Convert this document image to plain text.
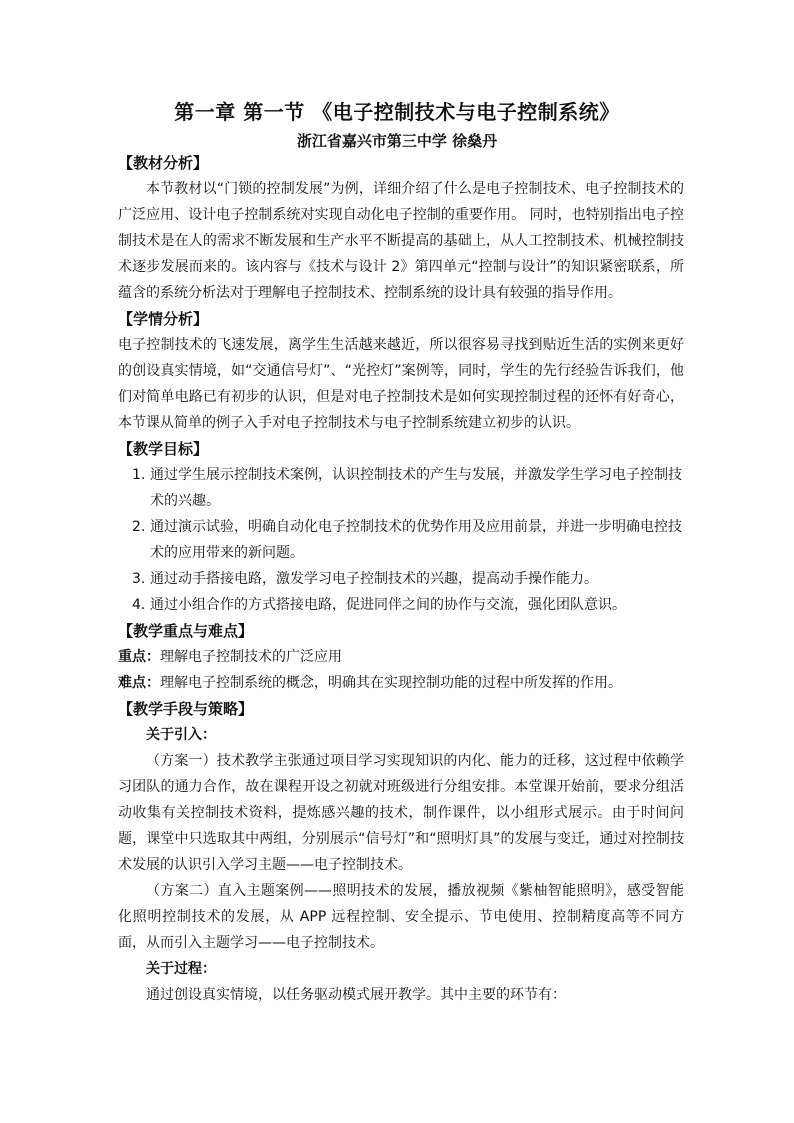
第一章 第一节 《电子控制技术与电子控制系统》
浙江省嘉兴市第三中学 徐燊丹
【教材分析】

本节教材以“门锁的控制发展”为例，详细介绍了什么是电子控制技术、电子控制技术的广泛应用、设计电子控制系统对实现自动化电子控制的重要作用。 同时，也特别指出电子控制技术是在人的需求不断发展和生产水平不断提高的基础上，从人工控制技术、机械控制技术逐步发展而来的。该内容与《技术与设计 2》第四单元“控制与设计”的知识紧密联系，所蕴含的系统分析法对于理解电子控制技术、控制系统的设计具有较强的指导作用。

【学情分析】

电子控制技术的飞速发展，离学生生活越来越近，所以很容易寻找到贴近生活的实例来更好的创设真实情境，如“交通信号灯”、“光控灯”案例等，同时，学生的先行经验告诉我们，他们对简单电路已有初步的认识，但是对电子控制技术是如何实现控制过程的还怀有好奇心，本节课从简单的例子入手对电子控制技术与电子控制系统建立初步的认识。

【教学目标】
1. 通过学生展示控制技术案例，认识控制技术的产生与发展，并激发学生学习电子控制技术的兴趣。
2. 通过演示试验，明确自动化电子控制技术的优势作用及应用前景，并进一步明确电控技术的应用带来的新问题。
3. 通过动手搭接电路，激发学习电子控制技术的兴趣，提高动手操作能力。
4. 通过小组合作的方式搭接电路，促进同伴之间的协作与交流，强化团队意识。
【教学重点与难点】
重点：理解电子控制技术的广泛应用
难点：理解电子控制系统的概念，明确其在实现控制功能的过程中所发挥的作用。
【教学手段与策略】
关于引入：

（方案一）技术教学主张通过项目学习实现知识的内化、能力的迁移，这过程中依赖学习团队的通力合作，故在课程开设之初就对班级进行分组安排。本堂课开始前，要求分组活动收集有关控制技术资料，提炼感兴趣的技术，制作课件，以小组形式展示。由于时间问题，课堂中只选取其中两组，分别展示“信号灯”和“照明灯具”的发展与变迁，通过对控制技术发展的认识引入学习主题——电子控制技术。

（方案二）直入主题案例——照明技术的发展，播放视频《紫柚智能照明》，感受智能化照明控制技术的发展，从 APP 远程控制、安全提示、节电使用、控制精度高等不同方面，从而引入主题学习——电子控制技术。

关于过程：

通过创设真实情境，以任务驱动模式展开教学。其中主要的环节有：
